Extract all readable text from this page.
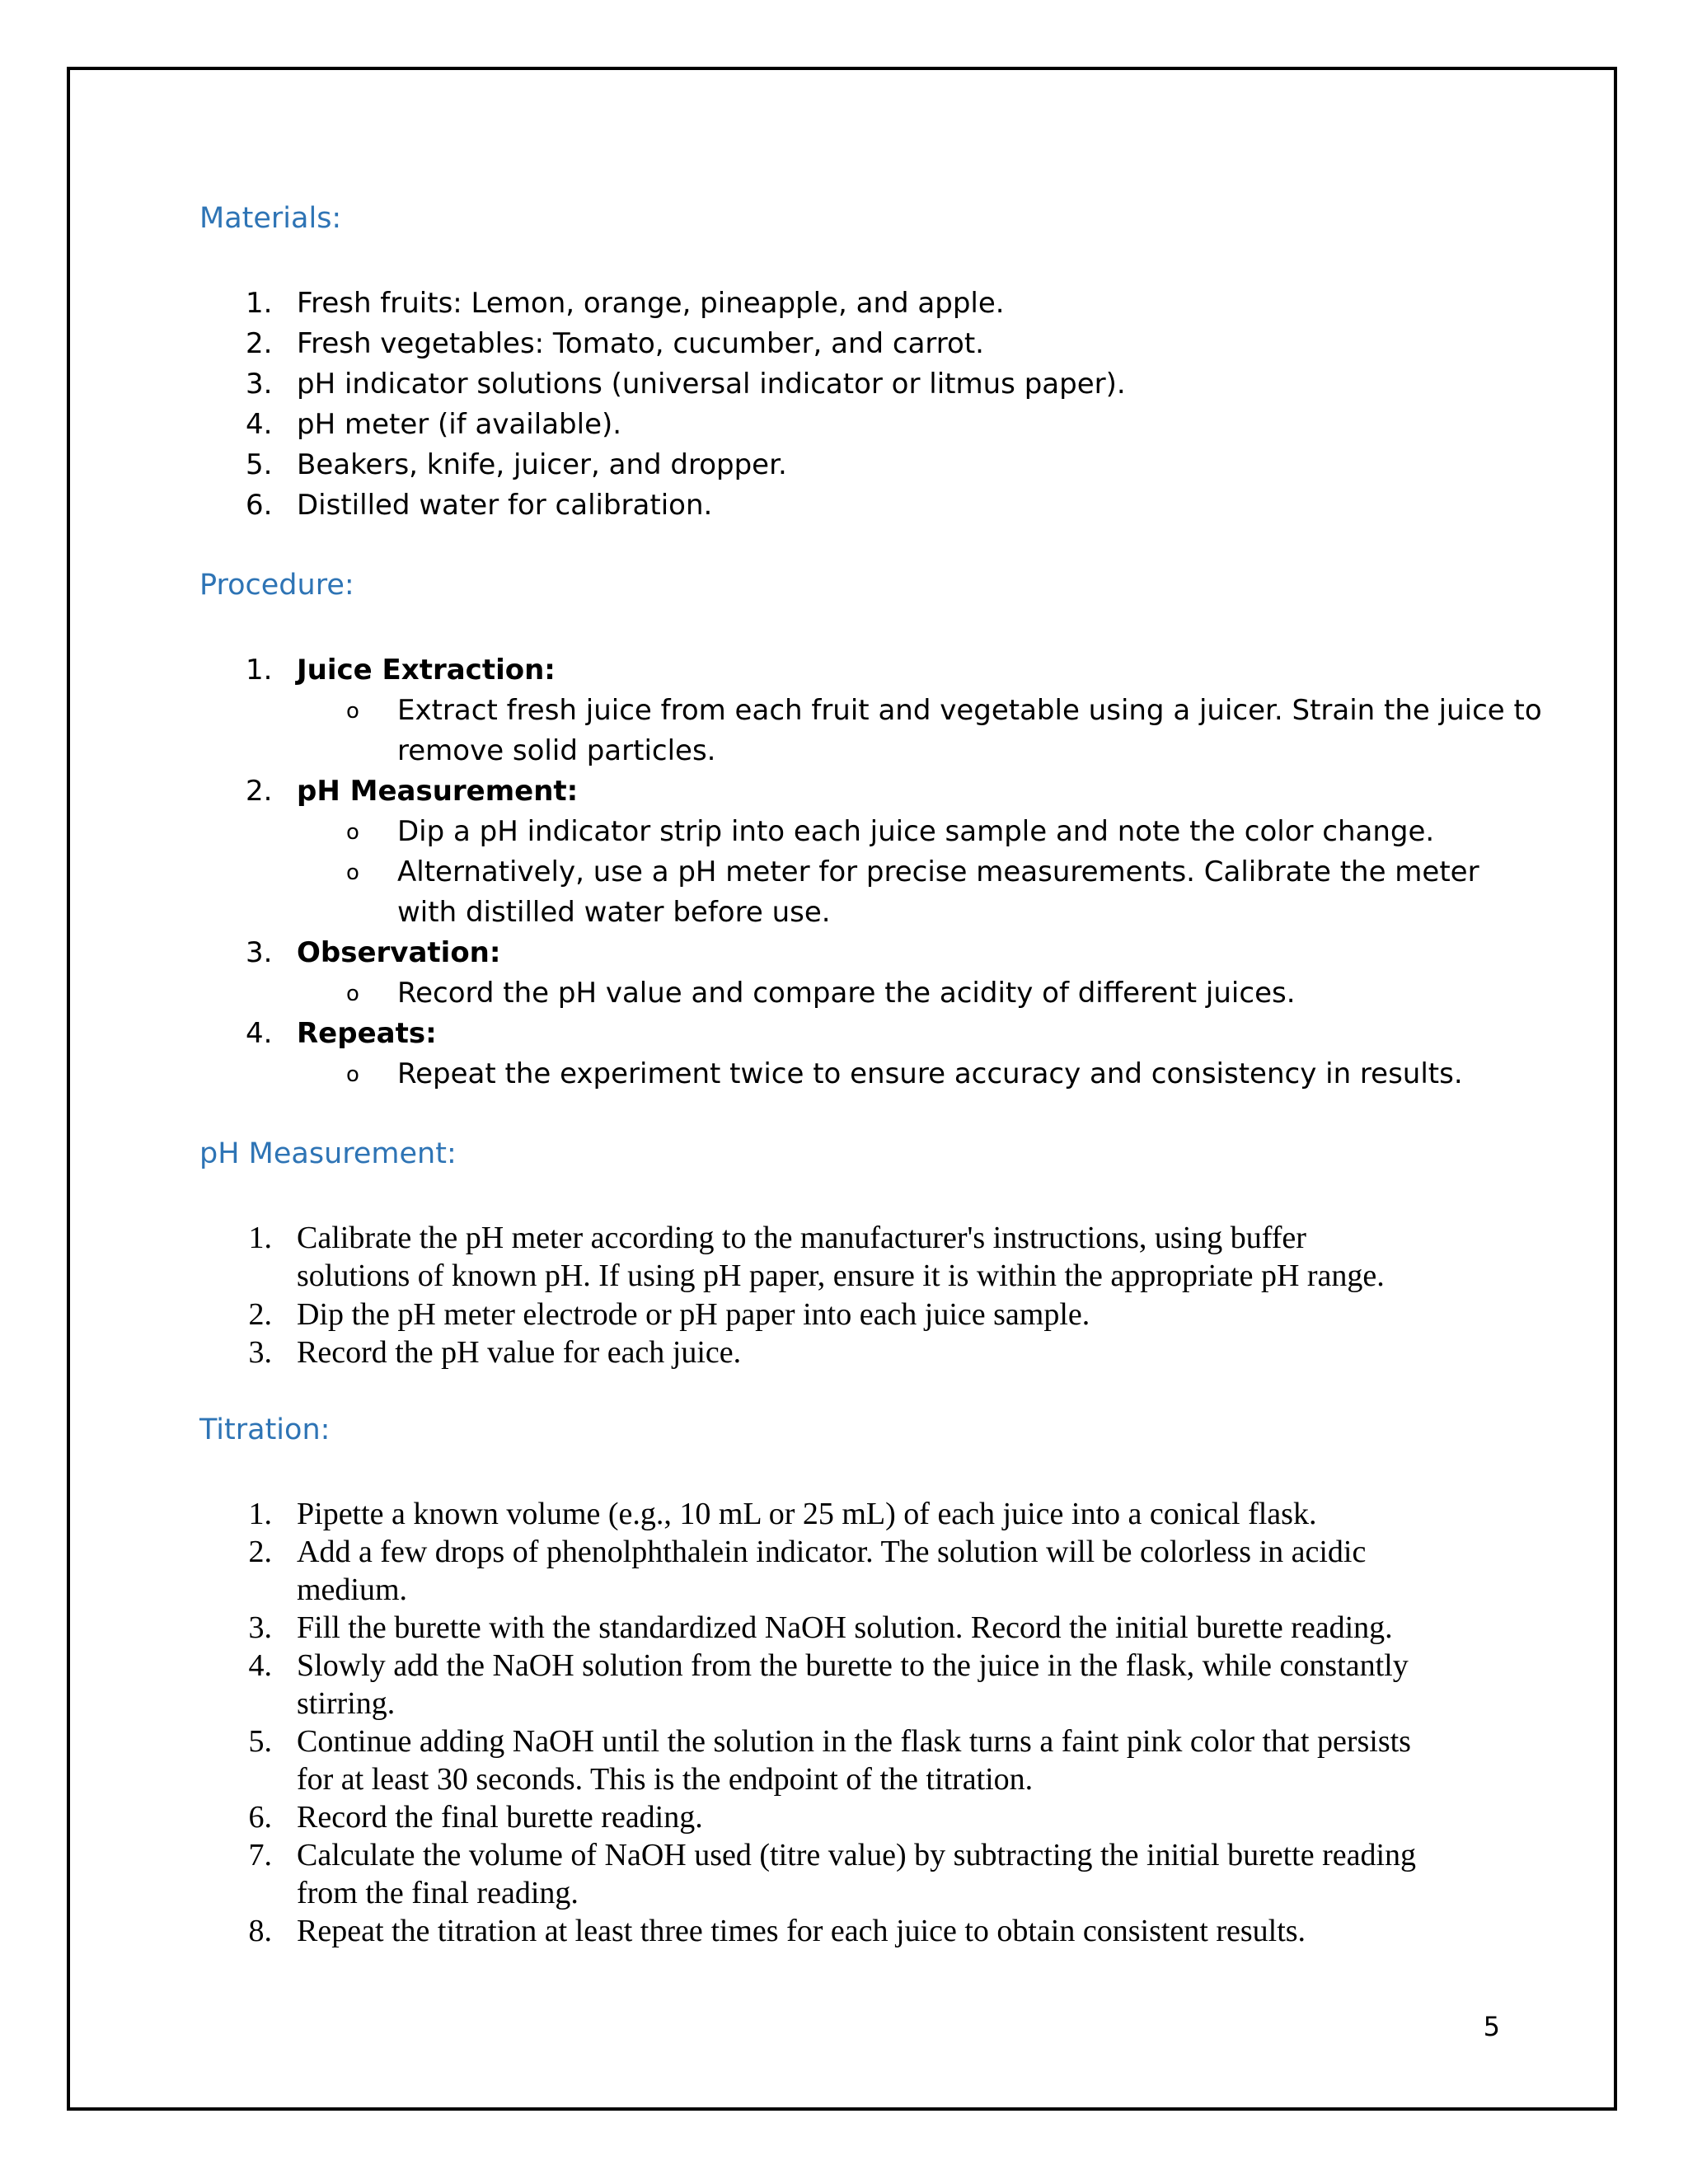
Materials:
1. Fresh fruits: Lemon, orange, pineapple, and apple.
2. Fresh vegetables: Tomato, cucumber, and carrot.
3. pH indicator solutions (universal indicator or litmus paper).
4. pH meter (if available).
5. Beakers, knife, juicer, and dropper.
6. Distilled water for calibration.
Procedure:
1. Juice Extraction:
o Extract fresh juice from each fruit and vegetable using a juicer. Strain the juice to
remove solid particles.
2. pH Measurement:
o Dip a pH indicator strip into each juice sample and note the color change.
o Alternatively, use a pH meter for precise measurements. Calibrate the meter
with distilled water before use.
3. Observation:
o Record the pH value and compare the acidity of different juices.
4. Repeats:
o Repeat the experiment twice to ensure accuracy and consistency in results.
pH Measurement:
1. Calibrate the pH meter according to the manufacturer's instructions, using buffer
solutions of known pH. If using pH paper, ensure it is within the appropriate pH range.
2. Dip the pH meter electrode or pH paper into each juice sample.
3. Record the pH value for each juice.
Titration:
1. Pipette a known volume (e.g., 10 mL or 25 mL) of each juice into a conical flask.
2. Add a few drops of phenolphthalein indicator. The solution will be colorless in acidic
medium.
3. Fill the burette with the standardized NaOH solution. Record the initial burette reading.
4. Slowly add the NaOH solution from the burette to the juice in the flask, while constantly
stirring.
5. Continue adding NaOH until the solution in the flask turns a faint pink color that persists
for at least 30 seconds. This is the endpoint of the titration.
6. Record the final burette reading.
7. Calculate the volume of NaOH used (titre value) by subtracting the initial burette reading
from the final reading.
8. Repeat the titration at least three times for each juice to obtain consistent results.
5
